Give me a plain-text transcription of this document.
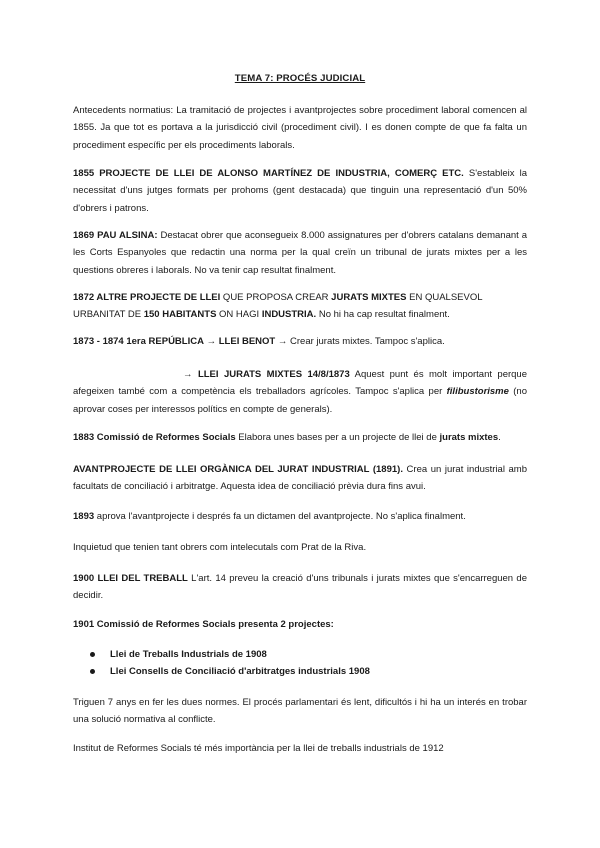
TEMA 7: PROCÉS JUDICIAL

Antecedents normatius: La tramitació de projectes i avantprojectes sobre procediment laboral comencen al 1855. Ja que tot es portava a la jurisdicció civil (procediment civil). I es donen compte de que fa falta un procediment específic per els procediments laborals.

1855 PROJECTE DE LLEI DE ALONSO MARTÍNEZ DE INDUSTRIA, COMERÇ ETC. S'estableix la necessitat d'uns jutges formats per prohoms (gent destacada) que tinguin una representació d'un 50% d'obrers i patrons.

1869 PAU ALSINA: Destacat obrer que aconsegueix 8.000 assignatures per d'obrers catalans demanant a les Corts Espanyoles que redactin una norma per la qual creïn un tribunal de jurats mixtes per a les questions obreres i laborals. No va tenir cap resultat finalment.

1872 ALTRE PROJECTE DE LLEI QUE PROPOSA CREAR JURATS MIXTES EN QUALSEVOL URBANITAT DE 150 HABITANTS ON HAGI INDUSTRIA. No hi ha cap resultat finalment.

1873 - 1874 1era REPÚBLICA → LLEI BENOT → Crear jurats mixtes. Tampoc s'aplica.

→ LLEI JURATS MIXTES 14/8/1873 Aquest punt és molt important perque afegeixen també com a competència els treballadors agrícoles. Tampoc s'aplica per filibustorisme (no aprovar coses per interessos polítics en compte de generals).

1883 Comissió de Reformes Socials Elabora unes bases per a un projecte de llei de jurats mixtes.

AVANTPROJECTE DE LLEI ORGÀNICA DEL JURAT INDUSTRIAL (1891). Crea un jurat industrial amb facultats de conciliació i arbitratge. Aquesta idea de conciliació prèvia dura fins avui.

1893 aprova l'avantprojecte i després fa un dictamen del avantprojecte. No s'aplica finalment.

Inquietud que tenien tant obrers com intelecutals com Prat de la Riva.

1900 LLEI DEL TREBALL L'art. 14 preveu la creació d'uns tribunals i jurats mixtes que s'encarreguen de decidir.

1901 Comissió de Reformes Socials presenta 2 projectes:

Llei de Treballs Industrials de 1908
Llei Consells de Conciliació d'arbitratges industrials 1908

Triguen 7 anys en fer les dues normes. El procés parlamentari és lent, dificultós i hi ha un interés en trobar una solució normativa al conflicte.

Institut de Reformes Socials té més importància per la llei de treballs industrials de 1912
